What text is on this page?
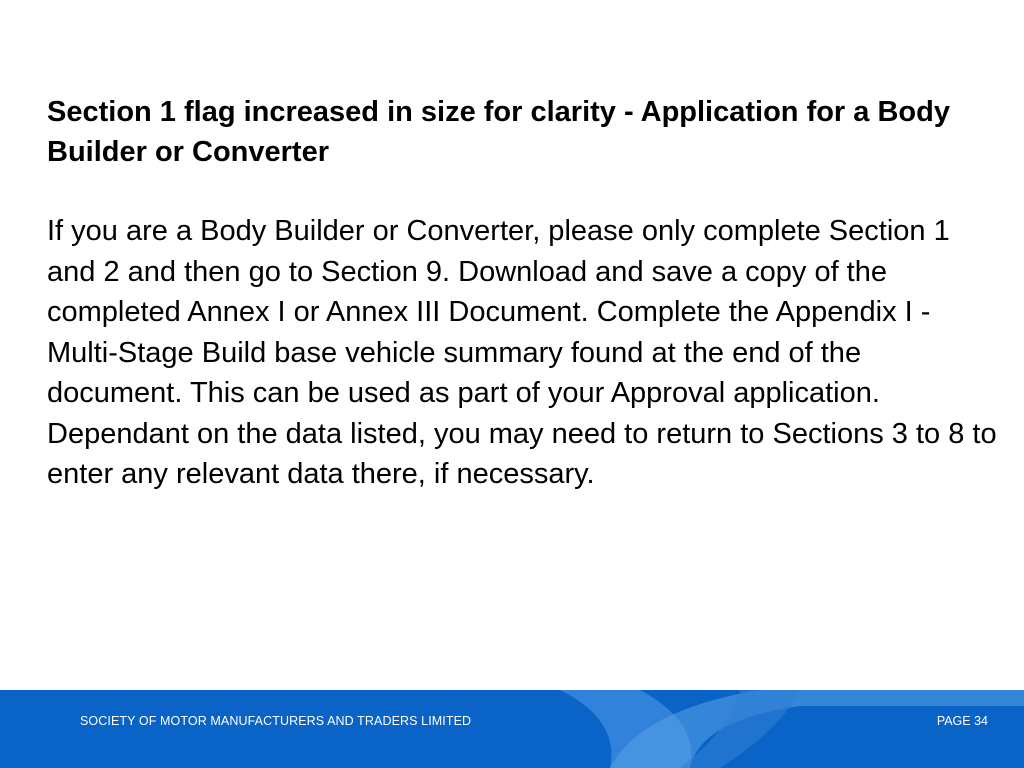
Section 1 flag increased in size for clarity - Application for a Body Builder or Converter

If you are a Body Builder or Converter, please only complete Section 1 and 2 and then go to Section 9. Download and save a copy of the completed Annex I or Annex III Document. Complete the Appendix I - Multi-Stage Build base vehicle summary found at the end of the document. This can be used as part of your Approval application. Dependant on the data listed, you may need to return to Sections 3 to 8 to enter any relevant data there, if necessary.

SOCIETY OF MOTOR MANUFACTURERS AND TRADERS LIMITED	PAGE 34
